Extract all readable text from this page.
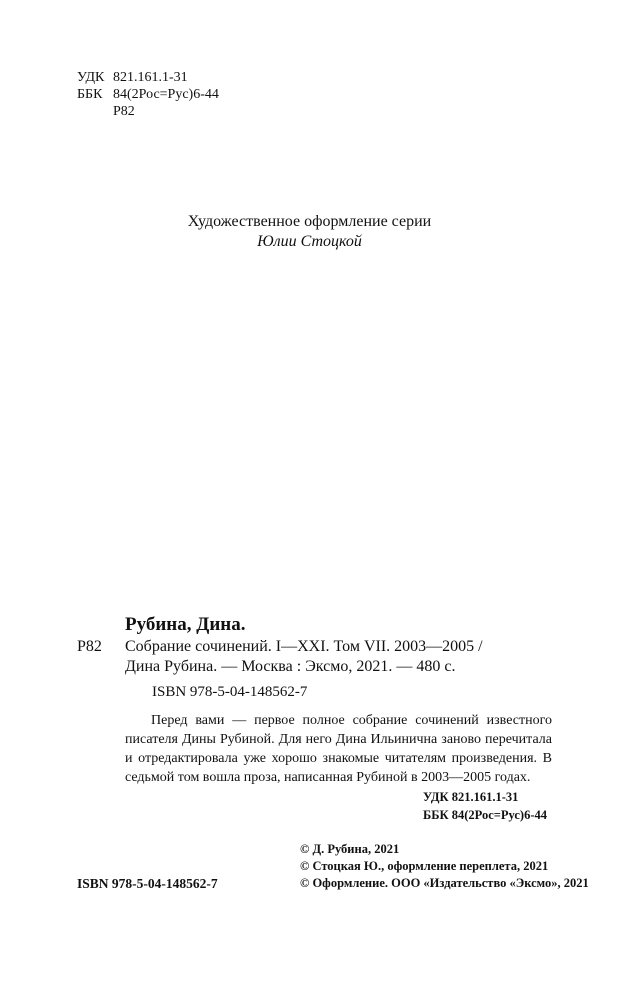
УДК 821.161.1-31
ББК 84(2Рос=Рус)6-44
Р82
Художественное оформление серии
Юлии Стоцкой
Рубина, Дина.
Р82 Собрание сочинений. I—XXI. Том VII. 2003—2005 /
Дина Рубина. — Москва : Эксмо, 2021. — 480 с.
ISBN 978-5-04-148562-7

Перед вами — первое полное собрание сочинений известного писателя Дины Рубиной. Для него Дина Ильинична заново перечитала и отредактировала уже хорошо знакомые читателям произведения. В седьмой том вошла проза, написанная Рубиной в 2003—2005 годах.

УДК 821.161.1-31
ББК 84(2Рос=Рус)6-44
© Д. Рубина, 2021
© Стоцкая Ю., оформление переплета, 2021
© Оформление. ООО «Издательство «Эксмо», 2021
ISBN 978-5-04-148562-7
